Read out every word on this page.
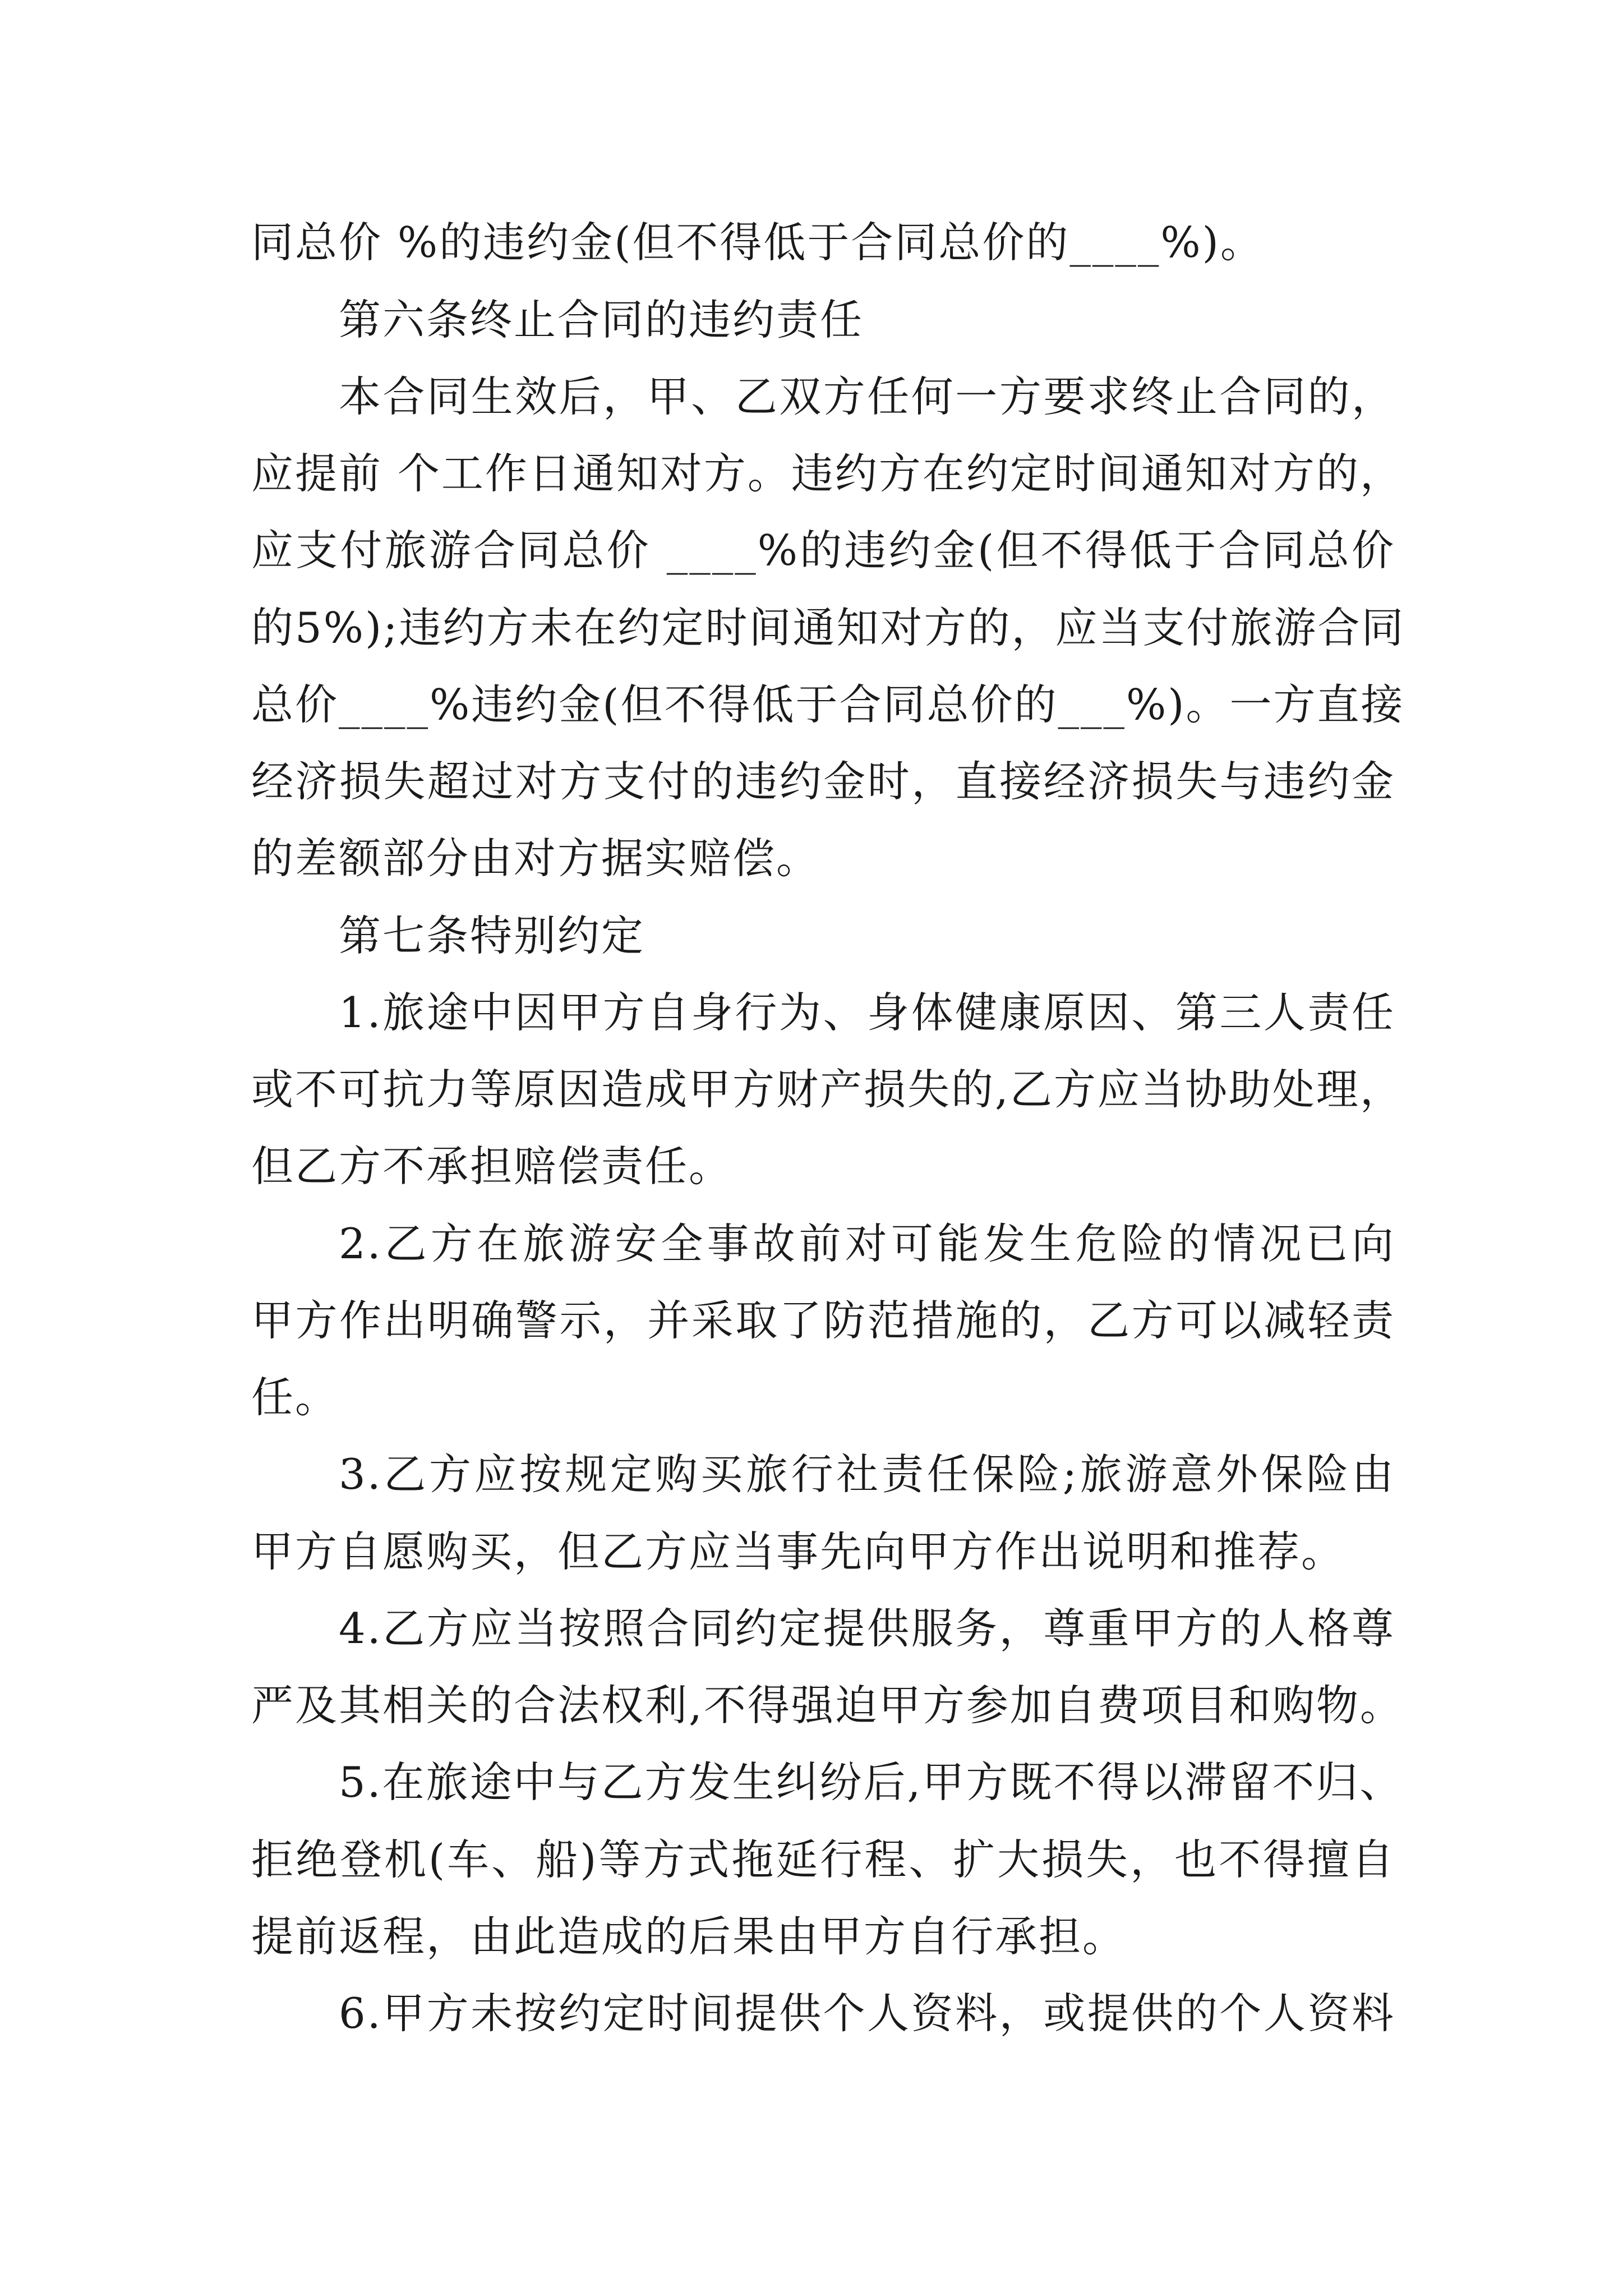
同总价 %的违约金(但不得低于合同总价的____%)。
第六条终止合同的违约责任
本合同生效后，甲、乙双方任何一方要求终止合同的，
应提前 个工作日通知对方。违约方在约定时间通知对方的，
应支付旅游合同总价 ____%的违约金(但不得低于合同总价
的5%);违约方未在约定时间通知对方的，应当支付旅游合同
总价____%违约金(但不得低于合同总价的___%)。一方直接
经济损失超过对方支付的违约金时，直接经济损失与违约金
的差额部分由对方据实赔偿。
第七条特别约定
1.旅途中因甲方自身行为、身体健康原因、第三人责任
或不可抗力等原因造成甲方财产损失的,乙方应当协助处理，
但乙方不承担赔偿责任。
2.乙方在旅游安全事故前对可能发生危险的情况已向
甲方作出明确警示，并采取了防范措施的，乙方可以减轻责
任。
3.乙方应按规定购买旅行社责任保险;旅游意外保险由
甲方自愿购买，但乙方应当事先向甲方作出说明和推荐。
4.乙方应当按照合同约定提供服务，尊重甲方的人格尊
严及其相关的合法权利,不得强迫甲方参加自费项目和购物。
5.在旅途中与乙方发生纠纷后,甲方既不得以滞留不归、
拒绝登机(车、船)等方式拖延行程、扩大损失，也不得擅自
提前返程，由此造成的后果由甲方自行承担。
6.甲方未按约定时间提供个人资料，或提供的个人资料
